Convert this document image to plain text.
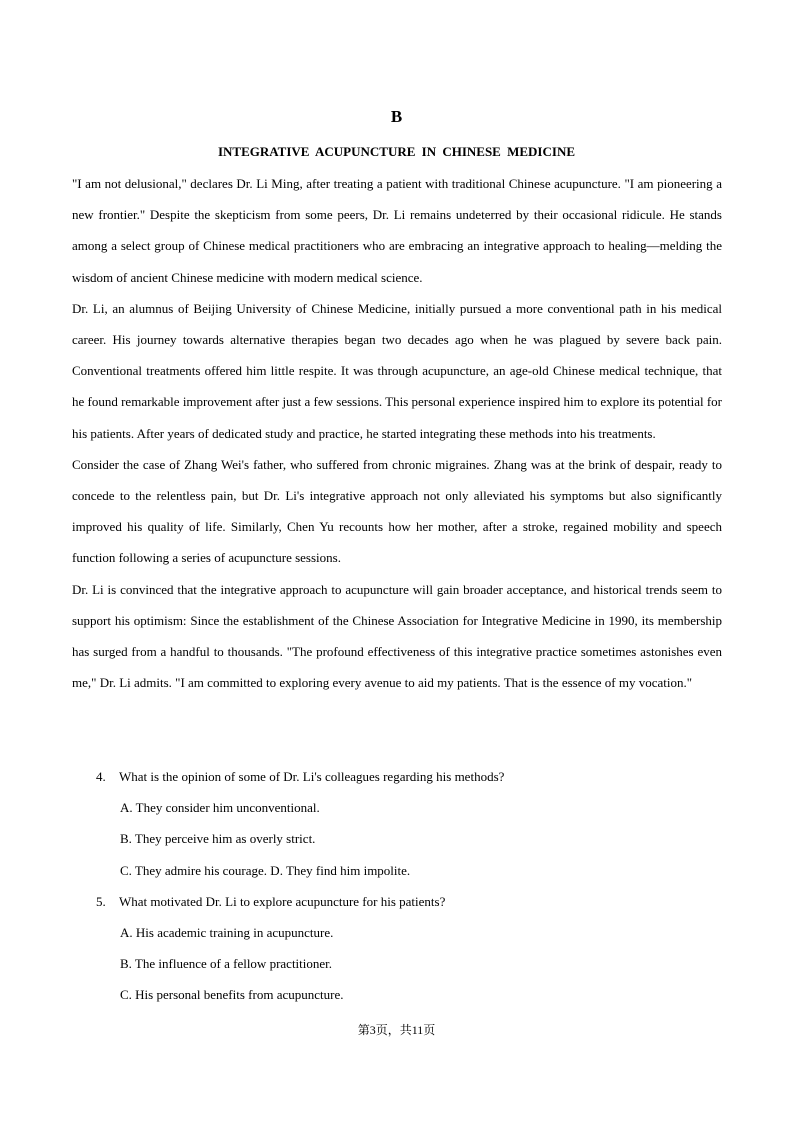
B
INTEGRATIVE ACUPUNCTURE IN CHINESE MEDICINE

"I am not delusional," declares Dr. Li Ming, after treating a patient with traditional Chinese acupuncture. "I am pioneering a new frontier." Despite the skepticism from some peers, Dr. Li remains undeterred by their occasional ridicule. He stands among a select group of Chinese medical practitioners who are embracing an integrative approach to healing—melding the wisdom of ancient Chinese medicine with modern medical science.

Dr. Li, an alumnus of Beijing University of Chinese Medicine, initially pursued a more conventional path in his medical career. His journey towards alternative therapies began two decades ago when he was plagued by severe back pain. Conventional treatments offered him little respite. It was through acupuncture, an age-old Chinese medical technique, that he found remarkable improvement after just a few sessions. This personal experience inspired him to explore its potential for his patients. After years of dedicated study and practice, he started integrating these methods into his treatments.

Consider the case of Zhang Wei's father, who suffered from chronic migraines. Zhang was at the brink of despair, ready to concede to the relentless pain, but Dr. Li's integrative approach not only alleviated his symptoms but also significantly improved his quality of life. Similarly, Chen Yu recounts how her mother, after a stroke, regained mobility and speech function following a series of acupuncture sessions.

Dr. Li is convinced that the integrative approach to acupuncture will gain broader acceptance, and historical trends seem to support his optimism: Since the establishment of the Chinese Association for Integrative Medicine in 1990, its membership has surged from a handful to thousands. "The profound effectiveness of this integrative practice sometimes astonishes even me," Dr. Li admits. "I am committed to exploring every avenue to aid my patients. That is the essence of my vocation."

4.	What is the opinion of some of Dr. Li's colleagues regarding his methods?
A. They consider him unconventional.
B. They perceive him as overly strict.
C. They admire his courage. D. They find him impolite.
5.	What motivated Dr. Li to explore acupuncture for his patients?
A. His academic training in acupuncture.
B. The influence of a fellow practitioner.
C. His personal benefits from acupuncture.
第3页，共11页
